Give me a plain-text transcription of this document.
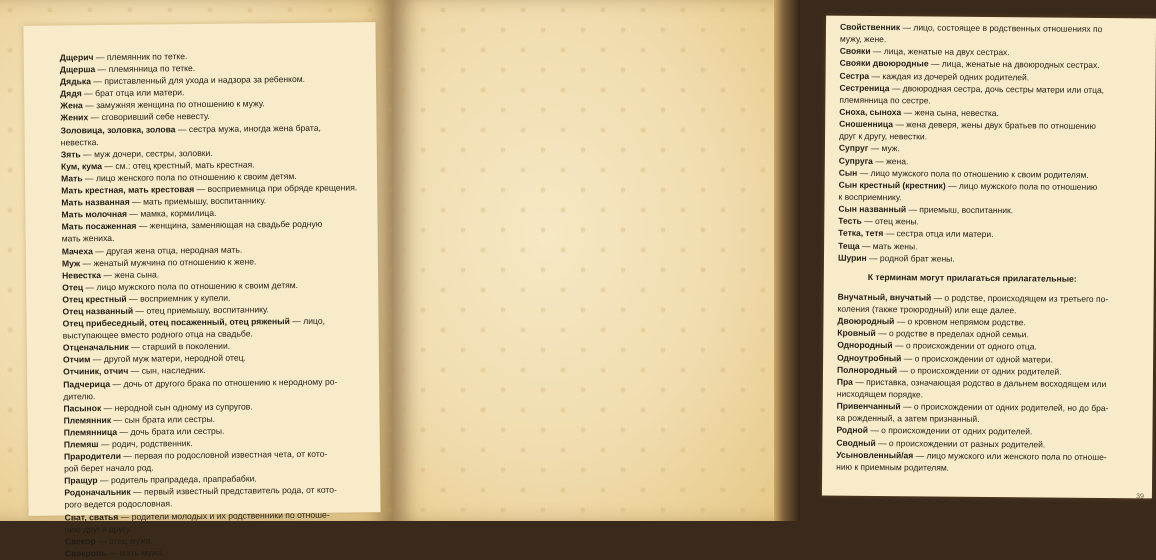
Дщерич — племянник по тетке.
Дщерша — племянница по тетке.
Дядька — приставленный для ухода и надзора за ребенком.
Дядя — брат отца или матери.
Жена — замужняя женщина по отношению к мужу.
Жених — сговоривший себе невесту.
Золовица, золовка, золова — сестра мужа, иногда жена брата,
невестка.
Зять — муж дочери, сестры, золовки.
Кум, кума — см.: отец крестный, мать крестная.
Мать — лицо женского пола по отношению к своим детям.
Мать крестная, мать крестовая — восприемница при обряде крещения.
Мать названная — мать приемышу, воспитаннику.
Мать молочная — мамка, кормилица.
Мать посаженная — женщина, заменяющая на свадьбе родную
мать жениха.
Мачеха — другая жена отца, неродная мать.
Муж — женатый мужчина по отношению к жене.
Невестка — жена сына.
Отец — лицо мужского пола по отношению к своим детям.
Отец крестный — восприемник у купели.
Отец названный — отец приемышу, воспитаннику.
Отец прибеседный, отец посаженный, отец ряженый — лицо,
выступающее вместо родного отца на свадьбе.
Отценачальник — старший в поколении.
Отчим — другой муж матери, неродной отец.
Отчиник, отчич — сын, наследник.
Падчерица — дочь от другого брака по отношению к неродному ро-
дителю.
Пасынок — неродной сын одному из супругов.
Племянник — сын брата или сестры.
Племянница — дочь брата или сестры.
Племяш — родич, родственник.
Прародители — первая по родословной известная чета, от кото-
рой берет начало род.
Пращур — родитель прапрадеда, прапрабабки.
Родоначальник — первый известный представитель рода, от кото-
рого ведется родословная.
Сват, сватья — родители молодых и их родственники по отноше-
нию друг к другу.
Свекор — отец мужа.
Свекровь — мать мужа.
Свойственник — лицо, состоящее в родственных отношениях по
мужу, жене.
Свояки — лица, женатые на двух сестрах.
Свояки двоюродные — лица, женатые на двоюродных сестрах.
Сестра — каждая из дочерей одних родителей.
Сестреница — двоюродная сестра, дочь сестры матери или отца,
племянница по сестре.
Сноха, сыноха — жена сына, невестка.
Сношенница — жена деверя, жены двух братьев по отношению
друг к другу, невестки.
Супруг — муж.
Супруга — жена.
Сын — лицо мужского пола по отношению к своим родителям.
Сын крестный (крестник) — лицо мужского пола по отношению
к восприемнику.
Сын названный — приемыш, воспитанник.
Тесть — отец жены.
Тетка, тетя — сестра отца или матери.
Теща — мать жены.
Шурин — родной брат жены.
К терминам могут прилагаться прилагательные:
Внучатный, внучатый — о родстве, происходящем из третьего по-
коления (также троюродный) или еще далее.
Двоюродный — о кровном непрямом родстве.
Кровный — о родстве в пределах одной семьи.
Однородный — о происхождении от одного отца.
Одноутробный — о происхождении от одной матери.
Полнородный — о происхождении от одних родителей.
Пра — приставка, означающая родство в дальнем восходящем или
нисходящем порядке.
Привенчанный — о происхождении от одних родителей, но до бра-
ка рожденный, а затем признанный.
Родной — о происхождении от одних родителей.
Сводный — о происхождении от разных родителей.
Усыновленный/ая — лицо мужского или женского пола по отноше-
нию к приемным родителям.
39
